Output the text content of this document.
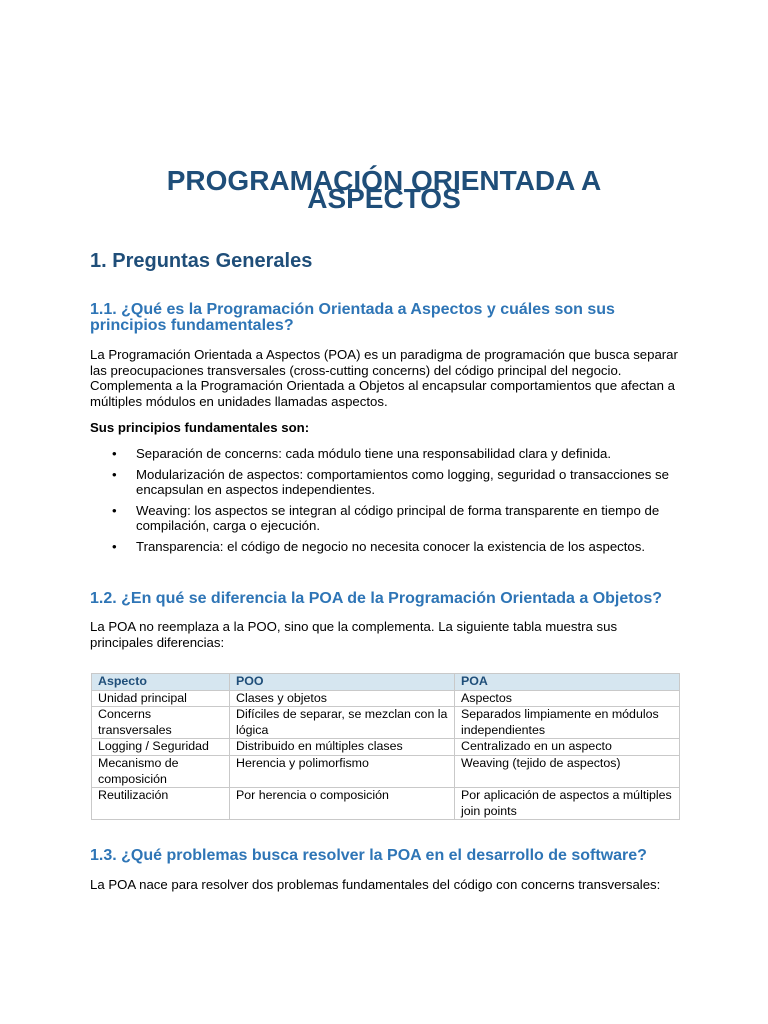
PROGRAMACIÓN ORIENTADA A ASPECTOS
1. Preguntas Generales
1.1. ¿Qué es la Programación Orientada a Aspectos y cuáles son sus principios fundamentales?

La Programación Orientada a Aspectos (POA) es un paradigma de programación que busca separar las preocupaciones transversales (cross-cutting concerns) del código principal del negocio. Complementa a la Programación Orientada a Objetos al encapsular comportamientos que afectan a múltiples módulos en unidades llamadas aspectos.

Sus principios fundamentales son:

• Separación de concerns: cada módulo tiene una responsabilidad clara y definida.
• Modularización de aspectos: comportamientos como logging, seguridad o transacciones se encapsulan en aspectos independientes.
• Weaving: los aspectos se integran al código principal de forma transparente en tiempo de compilación, carga o ejecución.
• Transparencia: el código de negocio no necesita conocer la existencia de los aspectos.
1.2. ¿En qué se diferencia la POA de la Programación Orientada a Objetos?

La POA no reemplaza a la POO, sino que la complementa. La siguiente tabla muestra sus principales diferencias:

Aspecto	POO	POA
Unidad principal	Clases y objetos	Aspectos
Concerns transversales	Difíciles de separar, se mezclan con la lógica	Separados limpiamente en módulos independientes
Logging / Seguridad	Distribuido en múltiples clases	Centralizado en un aspecto
Mecanismo de composición	Herencia y polimorfismo	Weaving (tejido de aspectos)
Reutilización	Por herencia o composición	Por aplicación de aspectos a múltiples join points
1.3. ¿Qué problemas busca resolver la POA en el desarrollo de software?

La POA nace para resolver dos problemas fundamentales del código con concerns transversales:
